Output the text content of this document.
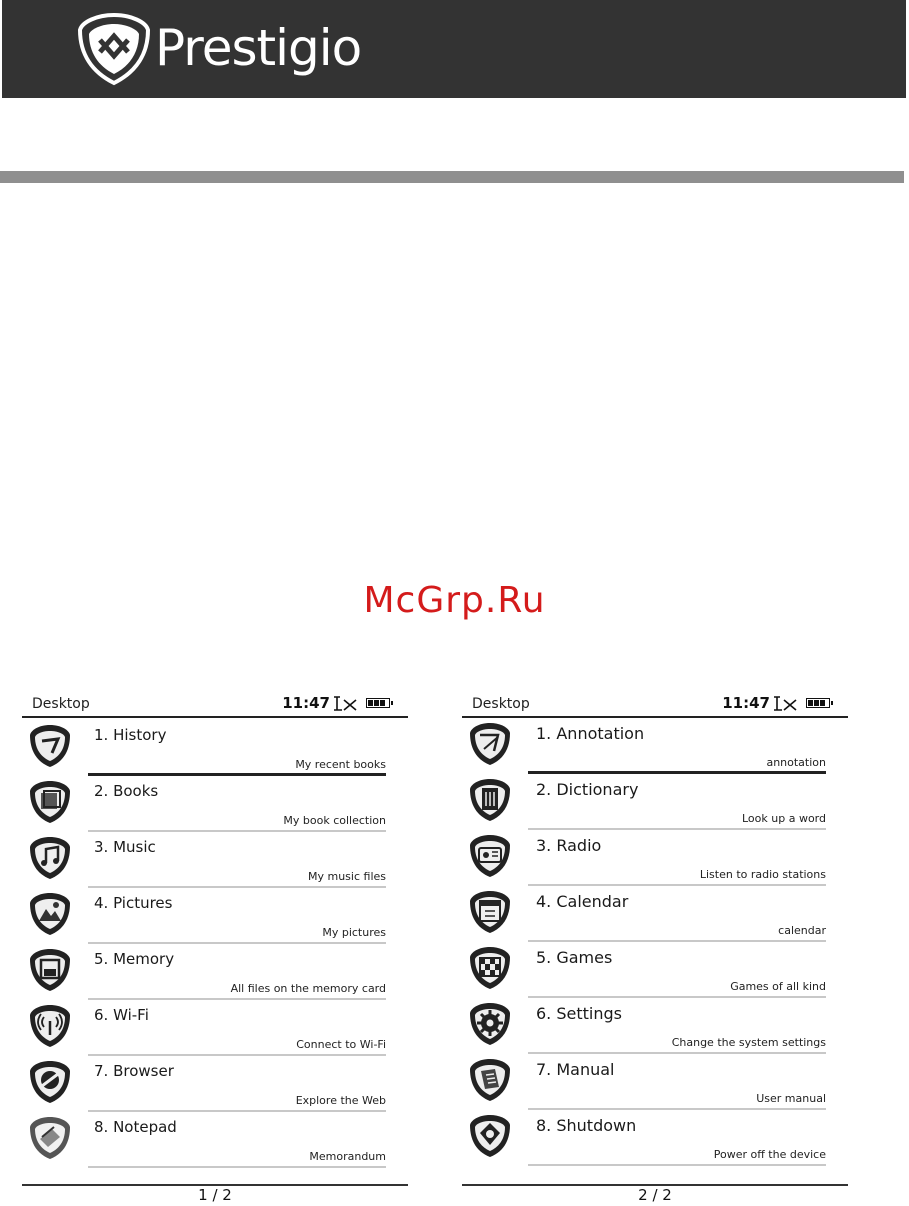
Prestigio
McGrp.Ru
Desktop	11:47
1. History
My recent books
2. Books
My book collection
3. Music
My music files
4. Pictures
My pictures
5. Memory
All files on the memory card
6. Wi-Fi
Connect to Wi-Fi
7. Browser
Explore the Web
8. Notepad
Memorandum
1 / 2
Desktop	11:47
1. Annotation
annotation
2. Dictionary
Look up a word
3. Radio
Listen to radio stations
4. Calendar
calendar
5. Games
Games of all kind
6. Settings
Change the system settings
7. Manual
User manual
8. Shutdown
Power off the device
2 / 2
